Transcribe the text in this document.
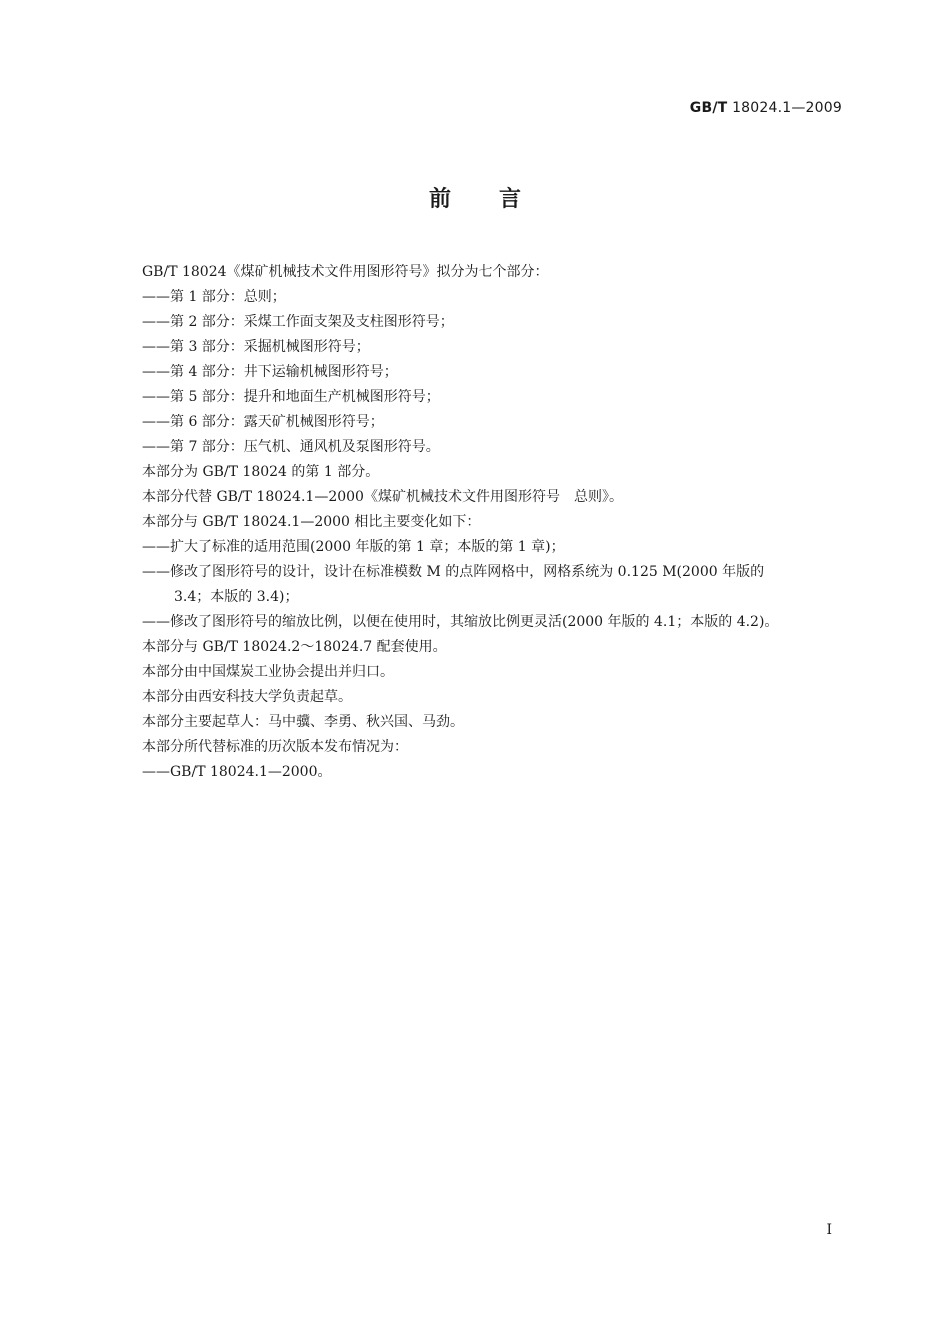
GB/T 18024.1—2009
前言
GB/T 18024《煤矿机械技术文件用图形符号》拟分为七个部分：
——第 1 部分：总则；
——第 2 部分：采煤工作面支架及支柱图形符号；
——第 3 部分：采掘机械图形符号；
——第 4 部分：井下运输机械图形符号；
——第 5 部分：提升和地面生产机械图形符号；
——第 6 部分：露天矿机械图形符号；
——第 7 部分：压气机、通风机及泵图形符号。
本部分为 GB/T 18024 的第 1 部分。
本部分代替 GB/T 18024.1—2000《煤矿机械技术文件用图形符号　总则》。
本部分与 GB/T 18024.1—2000 相比主要变化如下：
——扩大了标准的适用范围(2000 年版的第 1 章；本版的第 1 章)；
——修改了图形符号的设计，设计在标准模数 M 的点阵网格中，网格系统为 0.125 M(2000 年版的
3.4；本版的 3.4)；
——修改了图形符号的缩放比例，以便在使用时，其缩放比例更灵活(2000 年版的 4.1；本版的 4.2)。
本部分与 GB/T 18024.2～18024.7 配套使用。
本部分由中国煤炭工业协会提出并归口。
本部分由西安科技大学负责起草。
本部分主要起草人：马中骥、李勇、秋兴国、马劲。
本部分所代替标准的历次版本发布情况为：
——GB/T 18024.1—2000。
I
